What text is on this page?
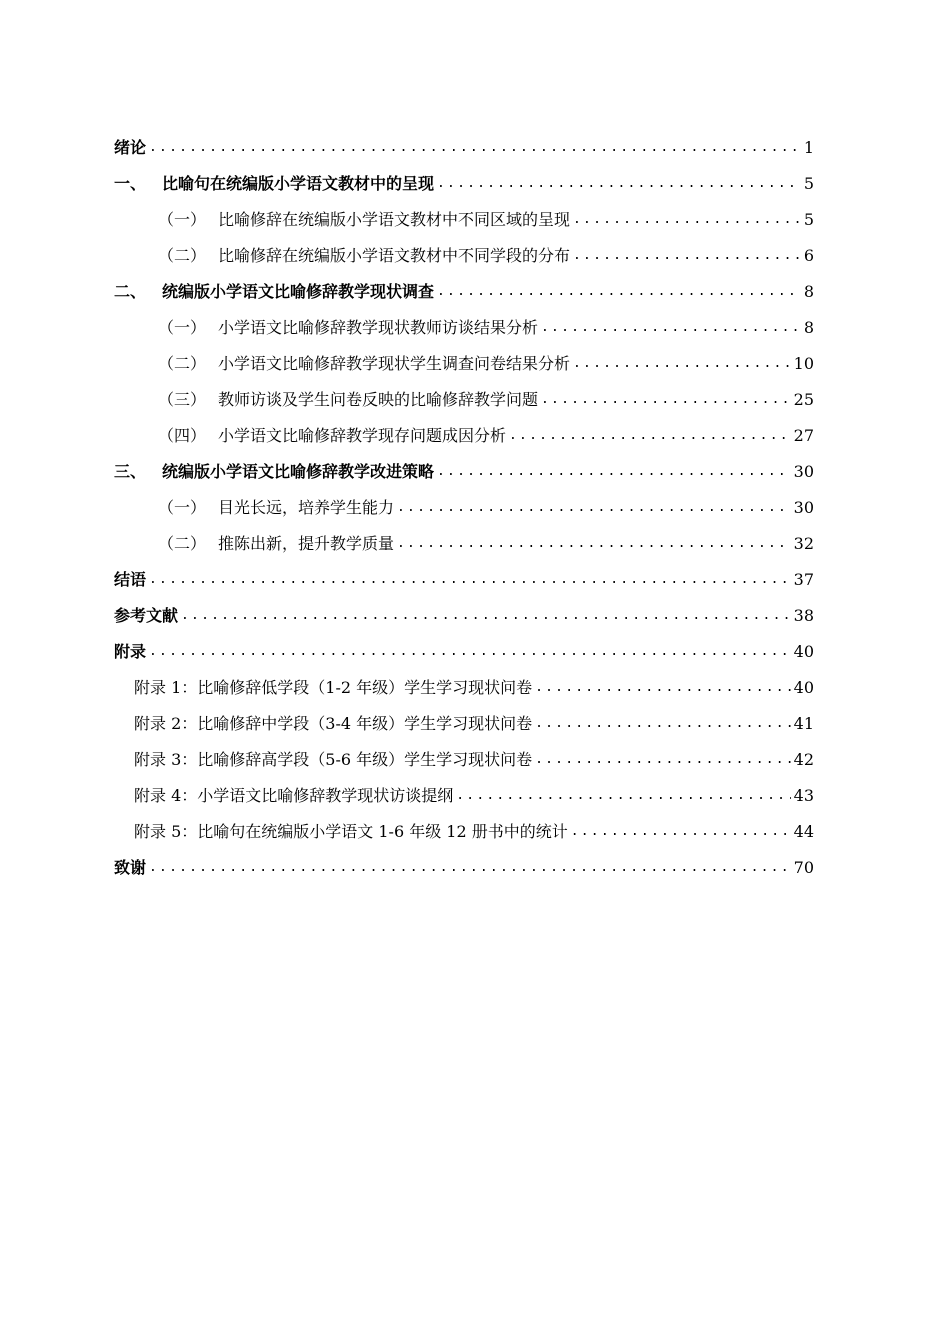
绪论 .....	1
一、 比喻句在统编版小学语文教材中的呈现 .....	5
（一） 比喻修辞在统编版小学语文教材中不同区域的呈现 .....	5
（二） 比喻修辞在统编版小学语文教材中不同学段的分布 .....	6
二、 统编版小学语文比喻修辞教学现状调查 .....	8
（一） 小学语文比喻修辞教学现状教师访谈结果分析 .....	8
（二） 小学语文比喻修辞教学现状学生调查问卷结果分析 .....	10
（三） 教师访谈及学生问卷反映的比喻修辞教学问题 .....	25
（四） 小学语文比喻修辞教学现存问题成因分析 .....	27
三、 统编版小学语文比喻修辞教学改进策略 .....	30
（一） 目光长远，培养学生能力 .....	30
（二） 推陈出新，提升教学质量 .....	32
结语 .....	37
参考文献 .....	38
附录 .....	40
附录 1：比喻修辞低学段（1-2 年级）学生学习现状问卷 .....	40
附录 2：比喻修辞中学段（3-4 年级）学生学习现状问卷 .....	41
附录 3：比喻修辞高学段（5-6 年级）学生学习现状问卷 .....	42
附录 4：小学语文比喻修辞教学现状访谈提纲 .....	43
附录 5：比喻句在统编版小学语文 1-6 年级 12 册书中的统计 .....	44
致谢 .....	70
